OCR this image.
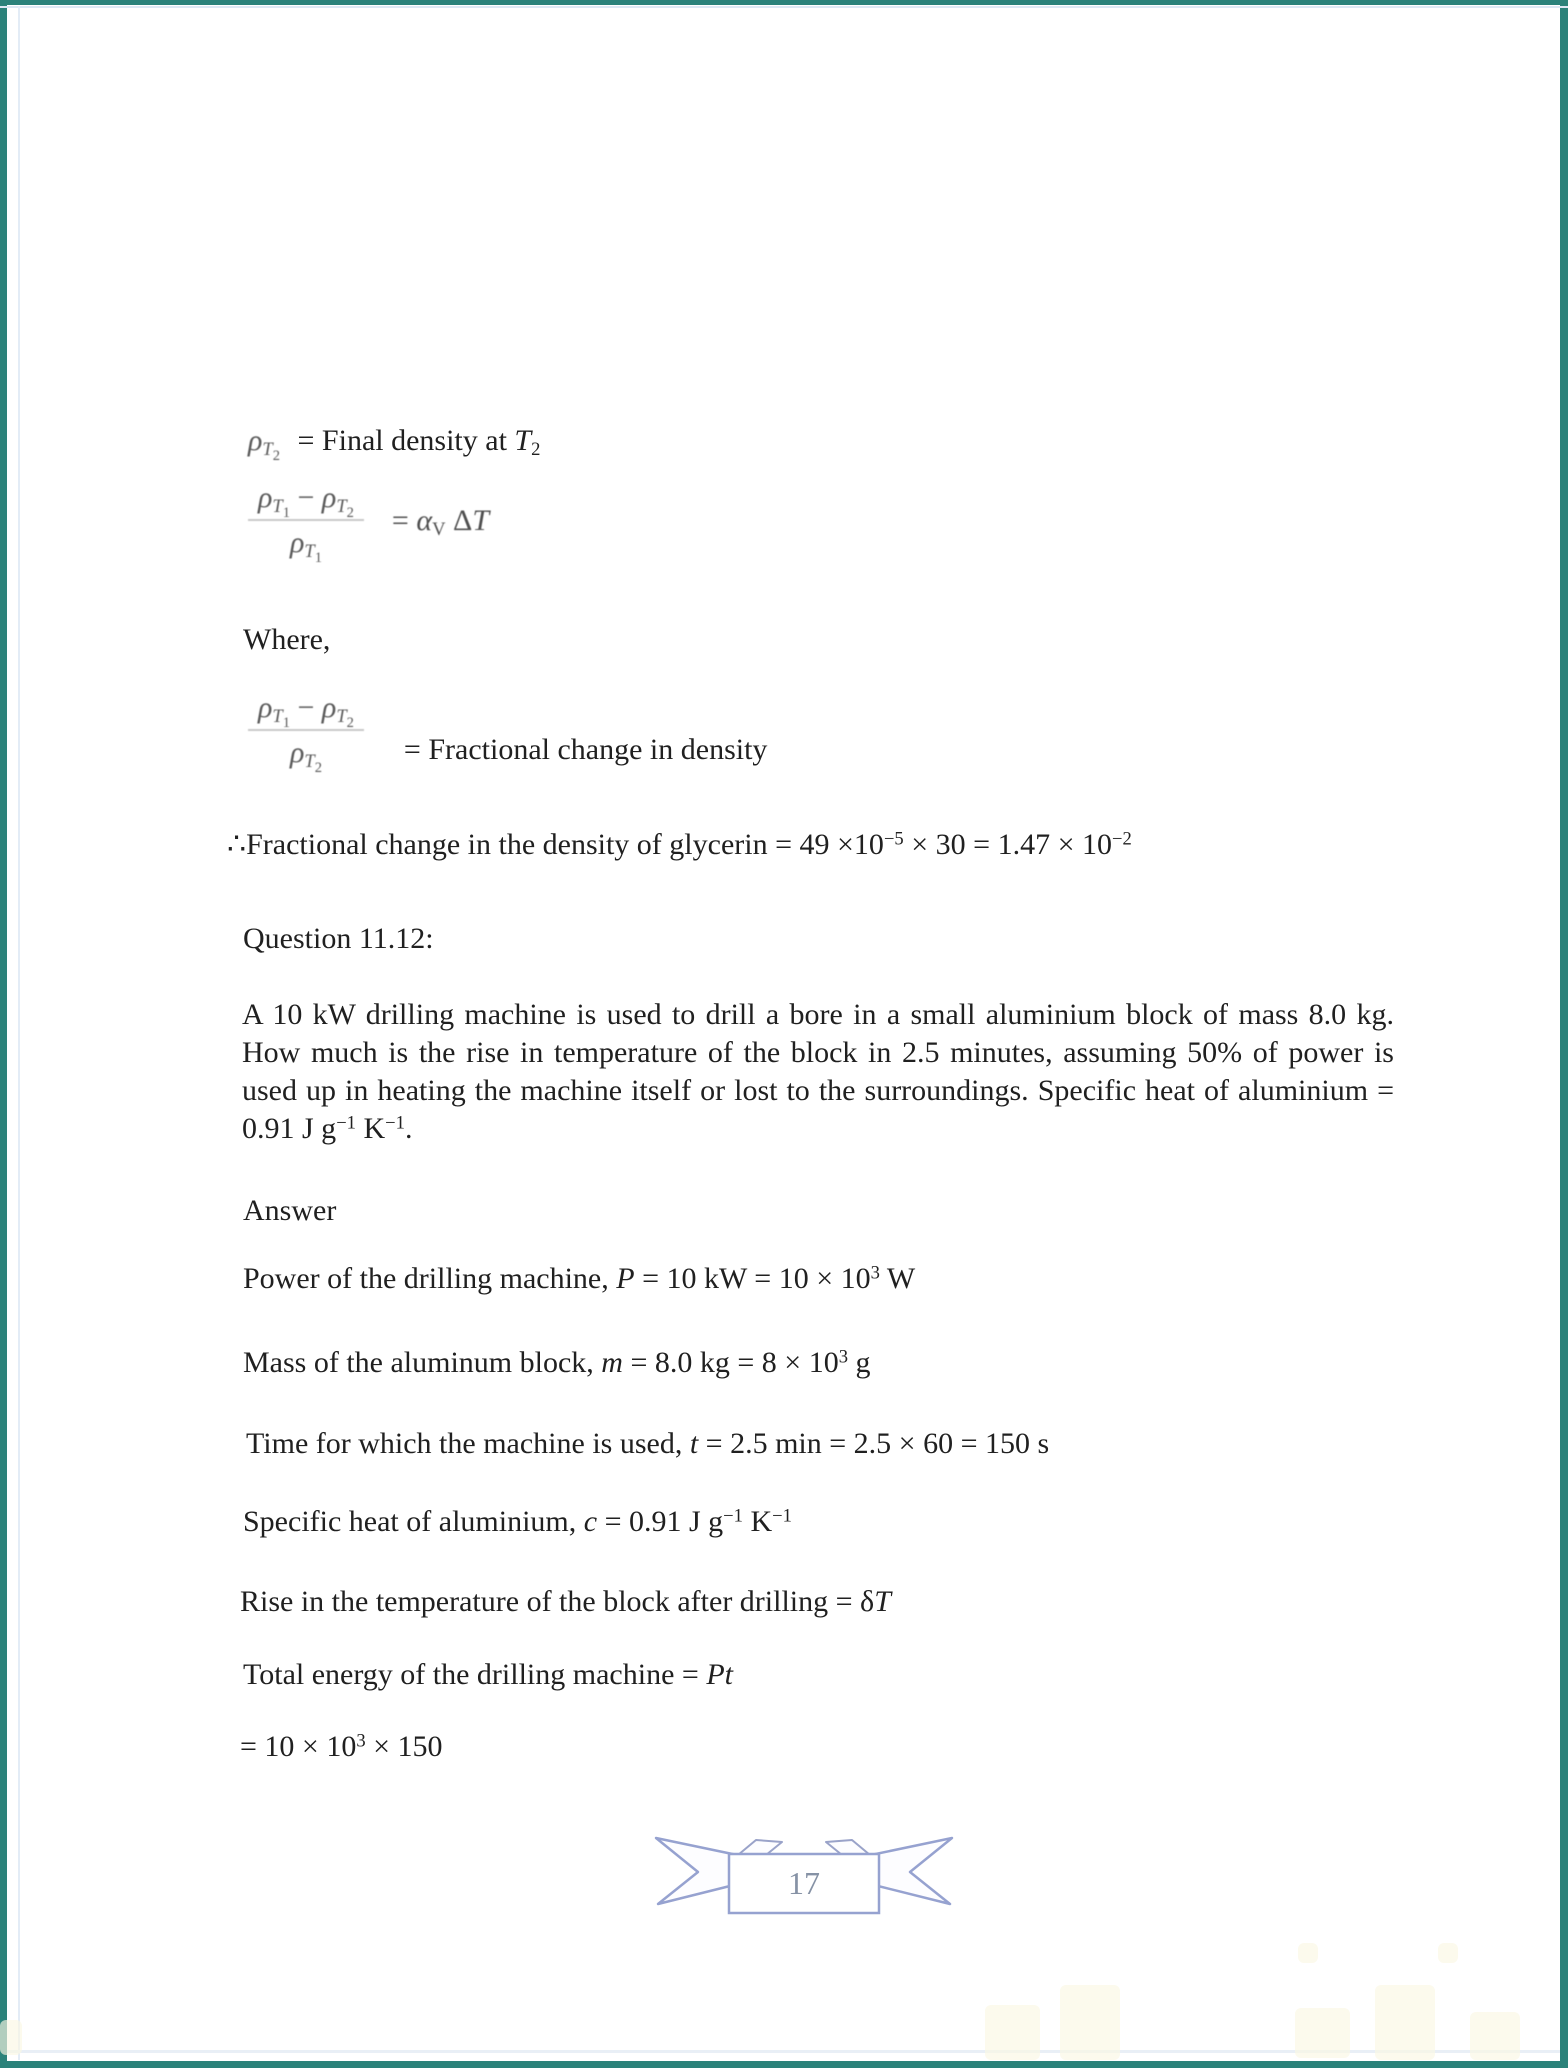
$\rho_{T_2}$ = Final density at $T_2$
$\frac{\rho_{T_1} - \rho_{T_2}}{\rho_{T_1}} = \alpha_V$ ΔT
Where,
$\frac{\rho_{T_1} - \rho_{T_2}}{\rho_{T_2}}$ = Fractional change in density
∴Fractional change in the density of glycerin = $49 \times 10^{-5} \times 30 = 1.47 \times 10^{-2}$
Question 11.12:
A 10 kW drilling machine is used to drill a bore in a small aluminium block of mass 8.0 kg. How much is the rise in temperature of the block in 2.5 minutes, assuming 50% of power is used up in heating the machine itself or lost to the surroundings. Specific heat of aluminium = 0.91 J $g^{-1}$ $K^{-1}$.
Answer
Power of the drilling machine, P = 10 kW = $10 \times 10^3$ W
Mass of the aluminum block, m = 8.0 kg = $8 \times 10^3$ g
Time for which the machine is used, t = 2.5 min = 2.5 × 60 = 150 s
Specific heat of aluminium, c = 0.91 J $g^{-1}$ $K^{-1}$
Rise in the temperature of the block after drilling = δT
Total energy of the drilling machine = Pt
= $10 \times 10^3 \times 150$
17
